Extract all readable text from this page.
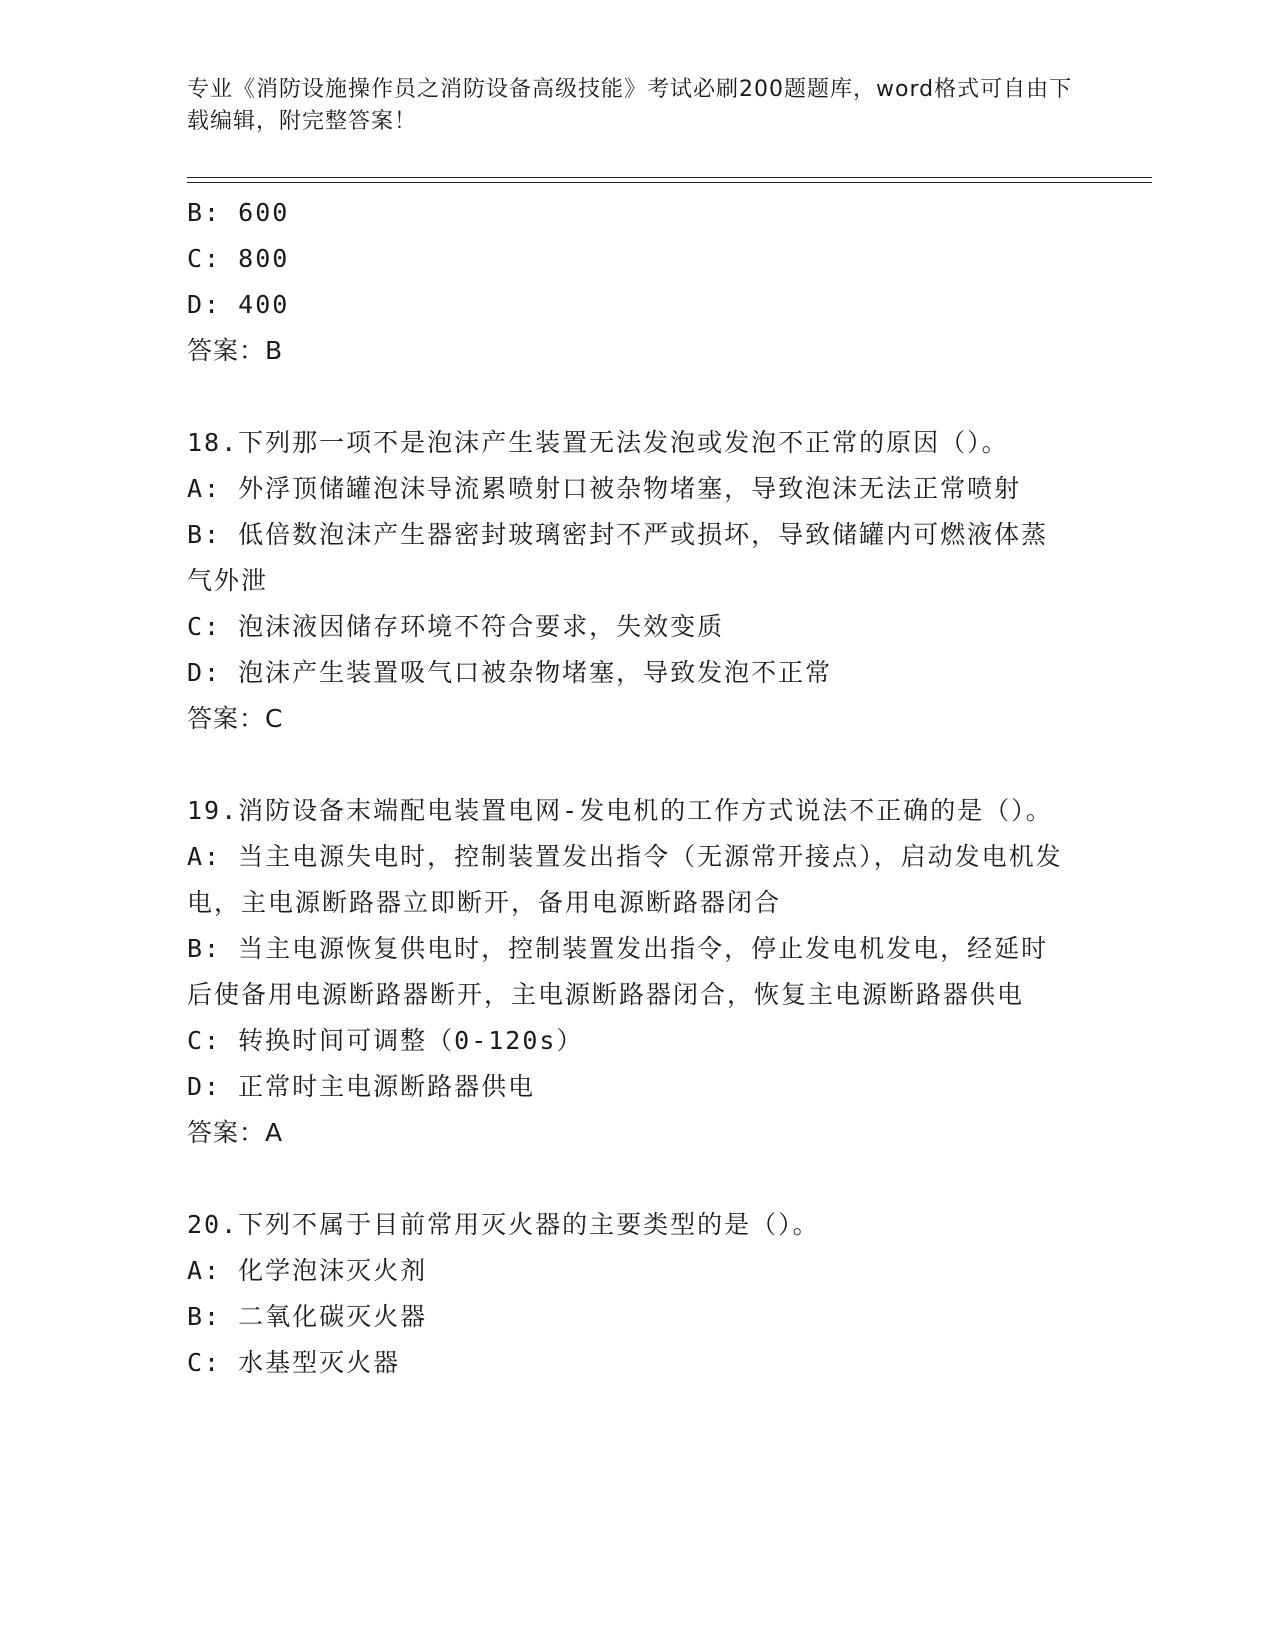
专业《消防设施操作员之消防设备高级技能》考试必刷200题题库，word格式可自由下载编辑，附完整答案！

B: 600

C: 800

D: 400

答案：B

18.下列那一项不是泡沫产生装置无法发泡或发泡不正常的原因（）。

A: 外浮顶储罐泡沫导流累喷射口被杂物堵塞，导致泡沫无法正常喷射

B: 低倍数泡沫产生器密封玻璃密封不严或损坏，导致储罐内可燃液体蒸气外泄

C: 泡沫液因储存环境不符合要求，失效变质

D: 泡沫产生装置吸气口被杂物堵塞，导致发泡不正常

答案：C

19.消防设备末端配电装置电网-发电机的工作方式说法不正确的是（）。

A: 当主电源失电时，控制装置发出指令（无源常开接点），启动发电机发电，主电源断路器立即断开，备用电源断路器闭合

B: 当主电源恢复供电时，控制装置发出指令，停止发电机发电，经延时后使备用电源断路器断开，主电源断路器闭合，恢复主电源断路器供电

C: 转换时间可调整（0-120s）

D: 正常时主电源断路器供电

答案：A

20.下列不属于目前常用灭火器的主要类型的是（）。

A: 化学泡沫灭火剂

B: 二氧化碳灭火器

C: 水基型灭火器
